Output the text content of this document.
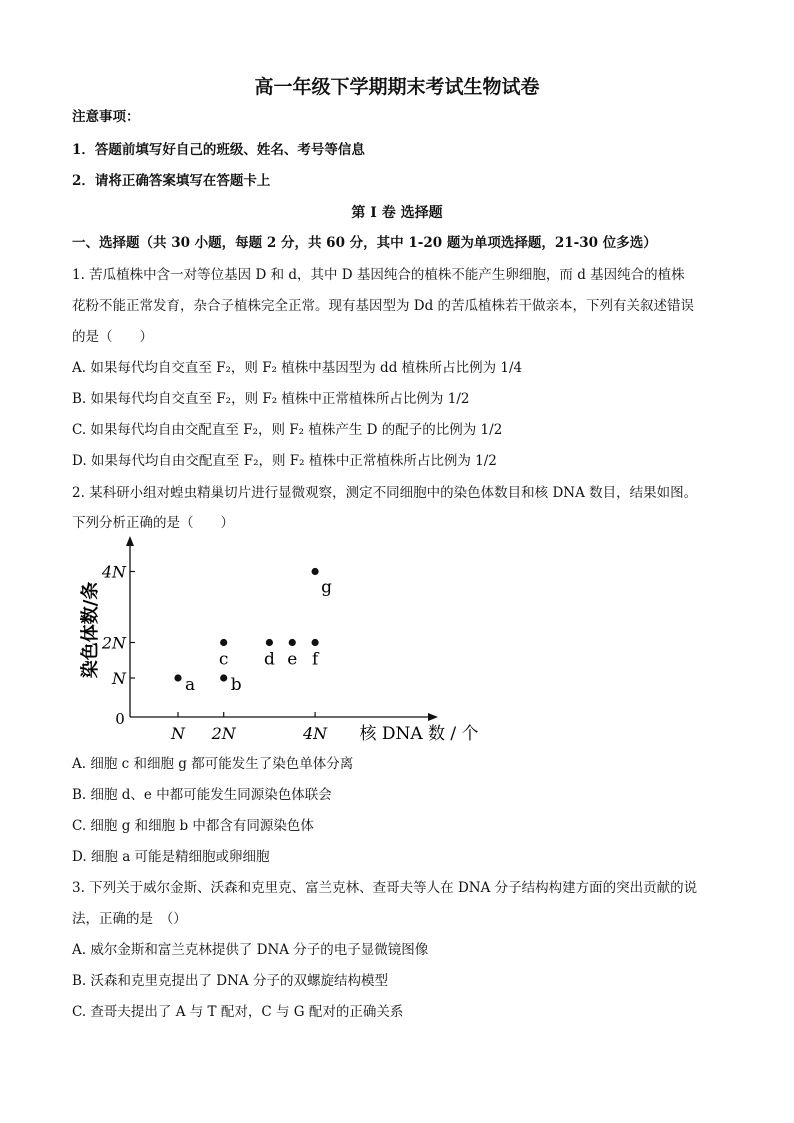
高一年级下学期期末考试生物试卷
注意事项：
1．答题前填写好自己的班级、姓名、考号等信息
2．请将正确答案填写在答题卡上
第 I 卷 选择题
一、选择题（共 30 小题，每题 2 分，共 60 分，其中 1-20 题为单项选择题，21-30 位多选）
1. 苦瓜植株中含一对等位基因 D 和 d，其中 D 基因纯合的植株不能产生卵细胞，而 d 基因纯合的植株
花粉不能正常发育，杂合子植株完全正常。现有基因型为 Dd 的苦瓜植株若干做亲本，下列有关叙述错误
的是（　　）
A. 如果每代均自交直至 F₂，则 F₂ 植株中基因型为 dd 植株所占比例为 1/4
B. 如果每代均自交直至 F₂，则 F₂ 植株中正常植株所占比例为 1/2
C. 如果每代均自由交配直至 F₂，则 F₂ 植株产生 D 的配子的比例为 1/2
D. 如果每代均自由交配直至 F₂，则 F₂ 植株中正常植株所占比例为 1/2
2. 某科研小组对蝗虫精巢切片进行显微观察，测定不同细胞中的染色体数目和核 DNA 数目，结果如图。
下列分析正确的是（　　）
0
核 DNA 数 / 个
染色体数/条
N 2N	4N
N
2N
4N
a b
c d e f
g
A. 细胞 c 和细胞 g 都可能发生了染色单体分离
B. 细胞 d、e 中都可能发生同源染色体联会
C. 细胞 g 和细胞 b 中都含有同源染色体
D. 细胞 a 可能是精细胞或卵细胞
3. 下列关于威尔金斯、沃森和克里克、富兰克林、查哥夫等人在 DNA 分子结构构建方面的突出贡献的说
法，正确的是　（）
A. 威尔金斯和富兰克林提供了 DNA 分子的电子显微镜图像
B. 沃森和克里克提出了 DNA 分子的双螺旋结构模型
C. 查哥夫提出了 A 与 T 配对，C 与 G 配对的正确关系
